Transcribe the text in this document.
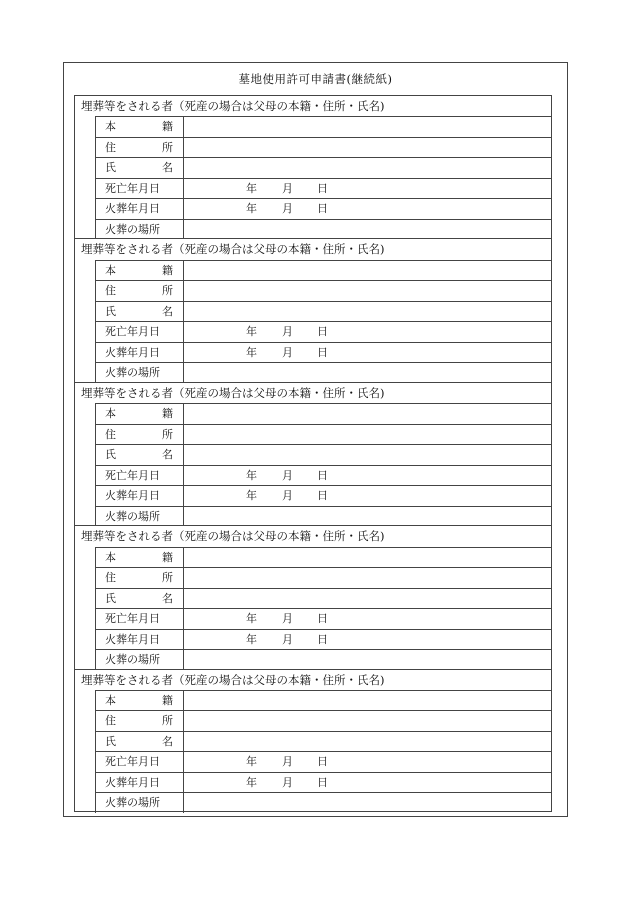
墓地使用許可申請書(継続紙)
埋葬等をされる者（死産の場合は父母の本籍・住所・氏名)
本	籍
住	所
氏	名
死亡年月日	年 月 日
火葬年月日	年 月 日
火葬の場所
埋葬等をされる者（死産の場合は父母の本籍・住所・氏名)
本	籍
住	所
氏	名
死亡年月日	年 月 日
火葬年月日	年 月 日
火葬の場所
埋葬等をされる者（死産の場合は父母の本籍・住所・氏名)
本	籍
住	所
氏	名
死亡年月日	年 月 日
火葬年月日	年 月 日
火葬の場所
埋葬等をされる者（死産の場合は父母の本籍・住所・氏名)
本	籍
住	所
氏	名
死亡年月日	年 月 日
火葬年月日	年 月 日
火葬の場所
埋葬等をされる者（死産の場合は父母の本籍・住所・氏名)
本	籍
住	所
氏	名
死亡年月日	年 月 日
火葬年月日	年 月 日
火葬の場所
